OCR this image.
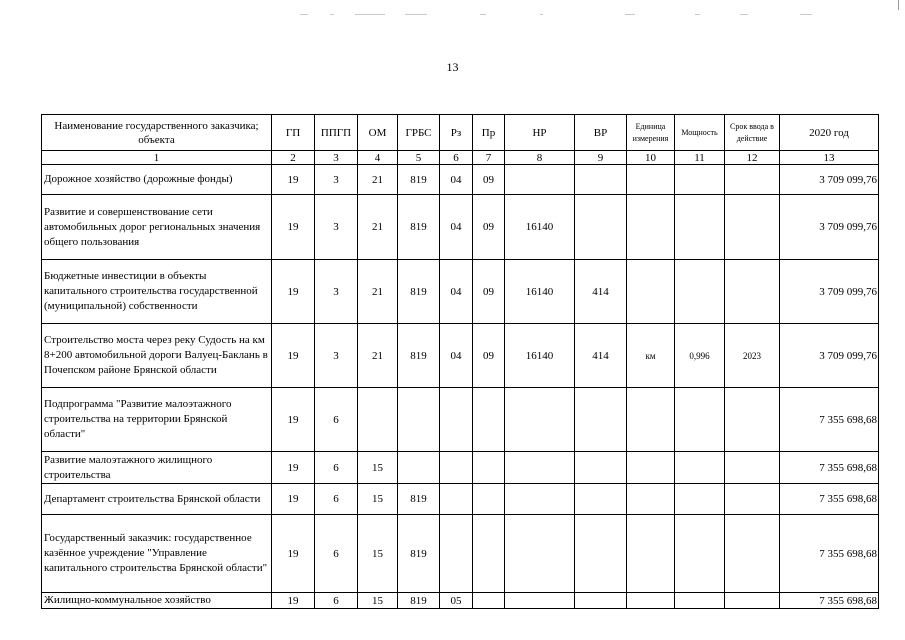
13
Наименование государственного заказчика; объекта	ГП	ППГП	ОМ	ГРБС	Рз	Пр	НР	ВР	Единица измерения	Мощность	Срок ввода в действие	2020 год
1	2	3	4	5	6	7	8	9	10	11	12	13
Дорожное хозяйство (дорожные фонды)	19	3	21	819	04	09						3 709 099,76
Развитие и совершенствование сети автомобильных дорог региональных значения общего пользования	19	3	21	819	04	09	16140					3 709 099,76
Бюджетные инвестиции в объекты капитального строительства государственной (муниципальной) собственности	19	3	21	819	04	09	16140	414				3 709 099,76
Строительство моста через реку Судость на км 8+200 автомобильной дороги Валуец-Баклань в Почепском районе Брянской области	19	3	21	819	04	09	16140	414	км	0,996	2023	3 709 099,76
Подпрограмма "Развитие малоэтажного строительства на территории Брянской области"	19	6										7 355 698,68
Развитие малоэтажного жилищного строительства	19	6	15									7 355 698,68
Департамент строительства Брянской области	19	6	15	819								7 355 698,68
Государственный заказчик: государственное казённое учреждение "Управление капитального строительства Брянской области"	19	6	15	819								7 355 698,68
Жилищно-коммунальное хозяйство	19	6	15	819	05							7 355 698,68
